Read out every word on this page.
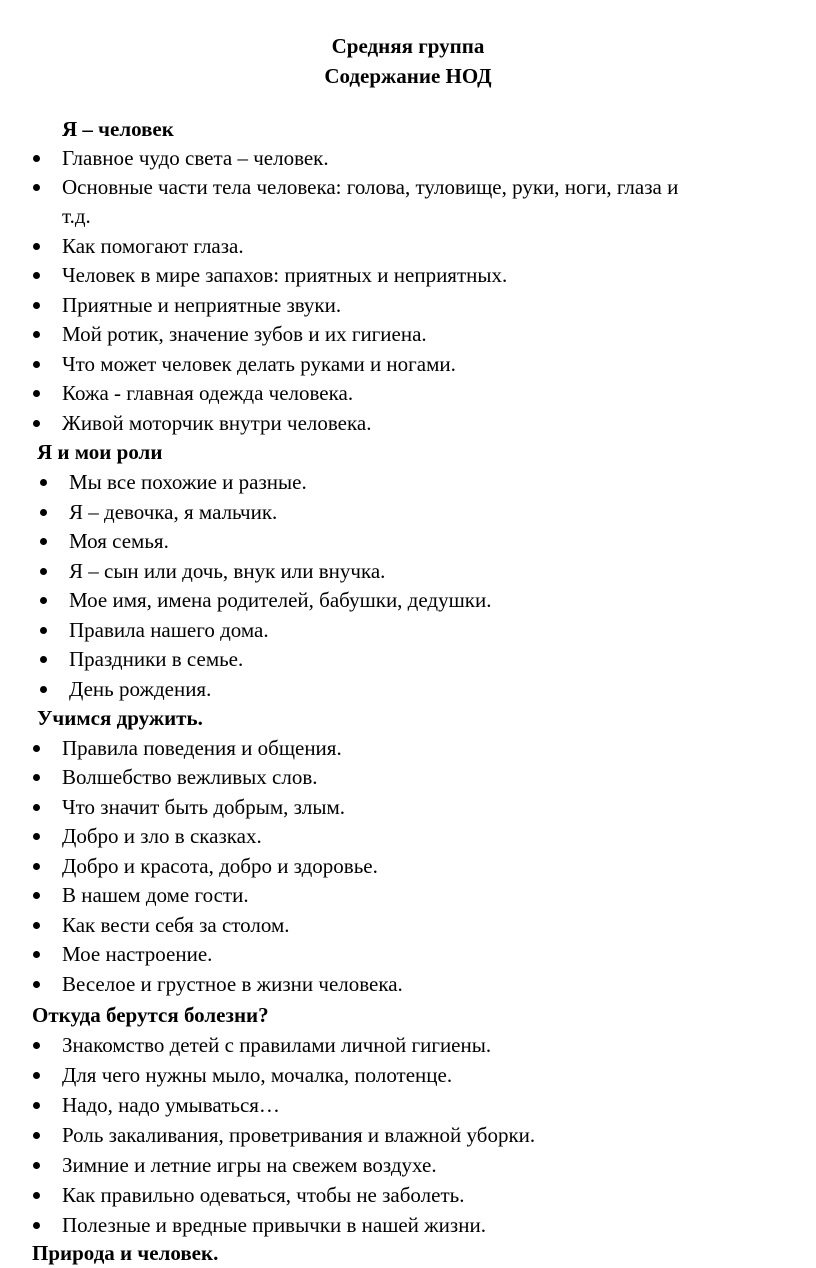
Средняя группа
Содержание НОД
Я – человек
Главное чудо света – человек.
Основные части тела человека: голова, туловище, руки, ноги, глаза и
т.д.
Как помогают глаза.
Человек в мире запахов: приятных и неприятных.
Приятные и неприятные звуки.
Мой ротик, значение зубов и их гигиена.
Что может человек делать руками и ногами.
Кожа - главная одежда человека.
Живой моторчик внутри человека.
Я и мои роли
Мы все похожие и разные.
Я – девочка, я мальчик.
Моя семья.
Я – сын или дочь, внук или внучка.
Мое имя, имена родителей, бабушки, дедушки.
Правила нашего дома.
Праздники в семье.
День рождения.
Учимся дружить.
Правила поведения и общения.
Волшебство вежливых слов.
Что значит быть добрым, злым.
Добро и зло в сказках.
Добро и красота, добро и здоровье.
В нашем доме гости.
Как вести себя за столом.
Мое настроение.
Веселое и грустное в жизни человека.
Откуда берутся болезни?
Знакомство детей с правилами личной гигиены.
Для чего нужны мыло, мочалка, полотенце.
Надо, надо умываться…
Роль закаливания, проветривания и влажной уборки.
Зимние и летние игры на свежем воздухе.
Как правильно одеваться, чтобы не заболеть.
Полезные и вредные привычки в нашей жизни.
Природа и человек.
